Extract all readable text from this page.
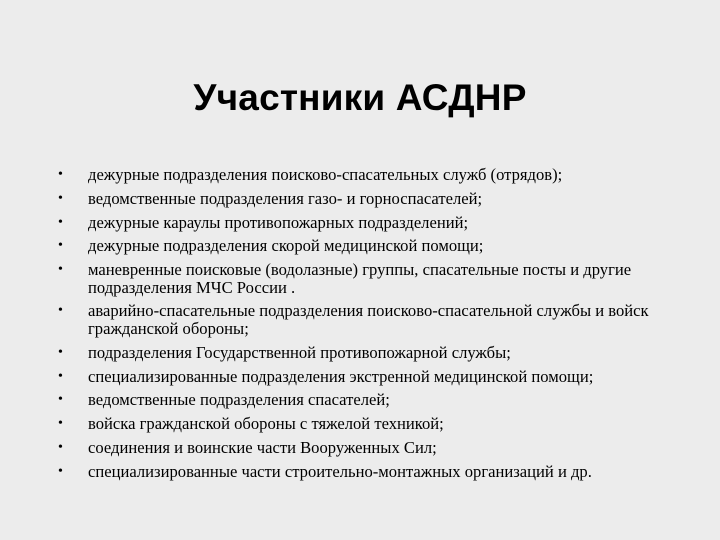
Участники АСДНР
•	дежурные подразделения поисково-спасательных служб (отрядов);
•	ведомственные подразделения газо- и горноспасателей;
•	дежурные караулы противопожарных подразделений;
•	дежурные подразделения скорой медицинской помощи;
•	маневренные поисковые (водолазные) группы, спасательные посты и другие подразделения МЧС России .
•	аварийно-спасательные подразделения поисково-спасательной службы и войск гражданской обороны;
•	подразделения Государственной противопожарной службы;
•	специализированные подразделения экстренной медицинской помощи;
•	ведомственные подразделения спасателей;
•	войска гражданской обороны с тяжелой техникой;
•	соединения и воинские части Вооруженных Сил;
•	специализированные части строительно-монтажных организаций и др.
